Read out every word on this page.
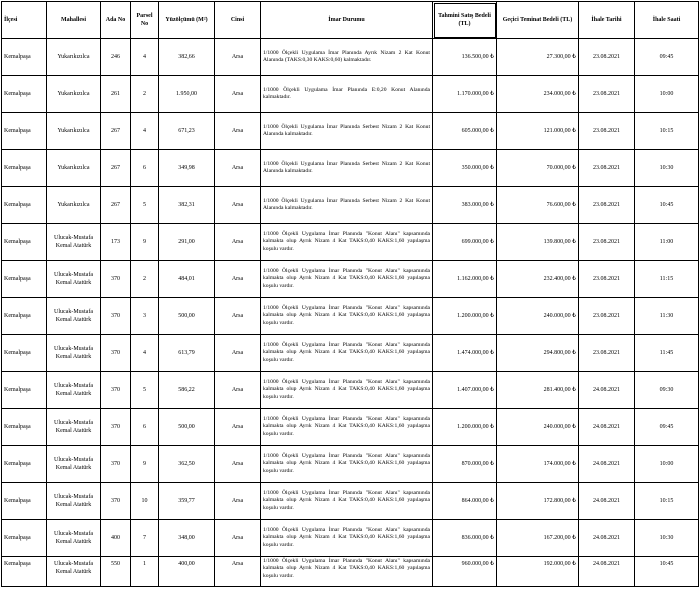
İlçesi	Mahallesi	Ada No	Parsel No	Yüzölçümü (M²)	Cinsi	İmar Durumu	Tahmini Satış Bedeli (TL)	Geçici Teminat Bedeli (TL)	İhale Tarihi	İhale Saati
Kemalpaşa	Yukarıkızılca	246	4	382,66	Arsa	1/1000 Ölçekli Uygulama İmar Planında Ayrık Nizam 2 Kat Konut Alanında (TAKS:0,30 KAKS:0,60) kalmaktadır.	136.500,00 ₺	27.300,00 ₺	23.08.2021	09:45
Kemalpaşa	Yukarıkızılca	261	2	1.950,00	Arsa	1/1000 Ölçekli Uygulama İmar Planında E:0,20 Konut Alanında kalmaktadır.	1.170.000,00 ₺	234.000,00 ₺	23.08.2021	10:00
Kemalpaşa	Yukarıkızılca	267	4	671,23	Arsa	1/1000 Ölçekli Uygulama İmar Planında Serbest Nizam 2 Kat Konut Alanında kalmaktadır.	605.000,00 ₺	121.000,00 ₺	23.08.2021	10:15
Kemalpaşa	Yukarıkızılca	267	6	349,98	Arsa	1/1000 Ölçekli Uygulama İmar Planında Serbest Nizam 2 Kat Konut Alanında kalmaktadır.	350.000,00 ₺	70.000,00 ₺	23.08.2021	10:30
Kemalpaşa	Yukarıkızılca	267	5	382,31	Arsa	1/1000 Ölçekli Uygulama İmar Planında Serbest Nizam 2 Kat Konut Alanında kalmaktadır.	383.000,00 ₺	76.600,00 ₺	23.08.2021	10:45
Kemalpaşa	Ulucak-Mustafa Kemal Atatürk	173	9	291,00	Arsa	1/1000 Ölçekli Uygulama İmar Planında "Konut Alanı" kapsamında kalmakta olup Ayrık Nizam 4 Kat TAKS:0,40 KAKS:1,60 yapılaşma koşulu vardır.	699.000,00 ₺	139.800,00 ₺	23.08.2021	11:00
Kemalpaşa	Ulucak-Mustafa Kemal Atatürk	370	2	484,01	Arsa	1/1000 Ölçekli Uygulama İmar Planında "Konut Alanı" kapsamında kalmakta olup Ayrık Nizam 4 Kat TAKS:0,40 KAKS:1,60 yapılaşma koşulu vardır.	1.162.000,00 ₺	232.400,00 ₺	23.08.2021	11:15
Kemalpaşa	Ulucak-Mustafa Kemal Atatürk	370	3	500,00	Arsa	1/1000 Ölçekli Uygulama İmar Planında "Konut Alanı" kapsamında kalmakta olup Ayrık Nizam 4 Kat TAKS:0,40 KAKS:1,60 yapılaşma koşulu vardır.	1.200.000,00 ₺	240.000,00 ₺	23.08.2021	11:30
Kemalpaşa	Ulucak-Mustafa Kemal Atatürk	370	4	613,79	Arsa	1/1000 Ölçekli Uygulama İmar Planında "Konut Alanı" kapsamında kalmakta olup Ayrık Nizam 4 Kat TAKS:0,40 KAKS:1,60 yapılaşma koşulu vardır.	1.474.000,00 ₺	294.800,00 ₺	23.08.2021	11:45
Kemalpaşa	Ulucak-Mustafa Kemal Atatürk	370	5	586,22	Arsa	1/1000 Ölçekli Uygulama İmar Planında "Konut Alanı" kapsamında kalmakta olup Ayrık Nizam 4 Kat TAKS:0,40 KAKS:1,60 yapılaşma koşulu vardır.	1.407.000,00 ₺	281.400,00 ₺	24.08.2021	09:30
Kemalpaşa	Ulucak-Mustafa Kemal Atatürk	370	6	500,00	Arsa	1/1000 Ölçekli Uygulama İmar Planında "Konut Alanı" kapsamında kalmakta olup Ayrık Nizam 4 Kat TAKS:0,40 KAKS:1,60 yapılaşma koşulu vardır.	1.200.000,00 ₺	240.000,00 ₺	24.08.2021	09:45
Kemalpaşa	Ulucak-Mustafa Kemal Atatürk	370	9	362,50	Arsa	1/1000 Ölçekli Uygulama İmar Planında "Konut Alanı" kapsamında kalmakta olup Ayrık Nizam 4 Kat TAKS:0,40 KAKS:1,60 yapılaşma koşulu vardır.	870.000,00 ₺	174.000,00 ₺	24.08.2021	10:00
Kemalpaşa	Ulucak-Mustafa Kemal Atatürk	370	10	359,77	Arsa	1/1000 Ölçekli Uygulama İmar Planında "Konut Alanı" kapsamında kalmakta olup Ayrık Nizam 4 Kat TAKS:0,40 KAKS:1,60 yapılaşma koşulu vardır.	864.000,00 ₺	172.800,00 ₺	24.08.2021	10:15
Kemalpaşa	Ulucak-Mustafa Kemal Atatürk	400	7	348,00	Arsa	1/1000 Ölçekli Uygulama İmar Planında "Konut Alanı" kapsamında kalmakta olup Ayrık Nizam 4 Kat TAKS:0,40 KAKS:1,60 yapılaşma koşulu vardır.	836.000,00 ₺	167.200,00 ₺	24.08.2021	10:30
Kemalpaşa	Ulucak-Mustafa Kemal Atatürk	550	1	400,00	Arsa	1/1000 Ölçekli Uygulama İmar Planında "Konut Alanı" kapsamında kalmakta olup Ayrık Nizam 4 Kat TAKS:0,40 KAKS:1,60 yapılaşma koşulu vardır.	960.000,00 ₺	192.000,00 ₺	24.08.2021	10:45
